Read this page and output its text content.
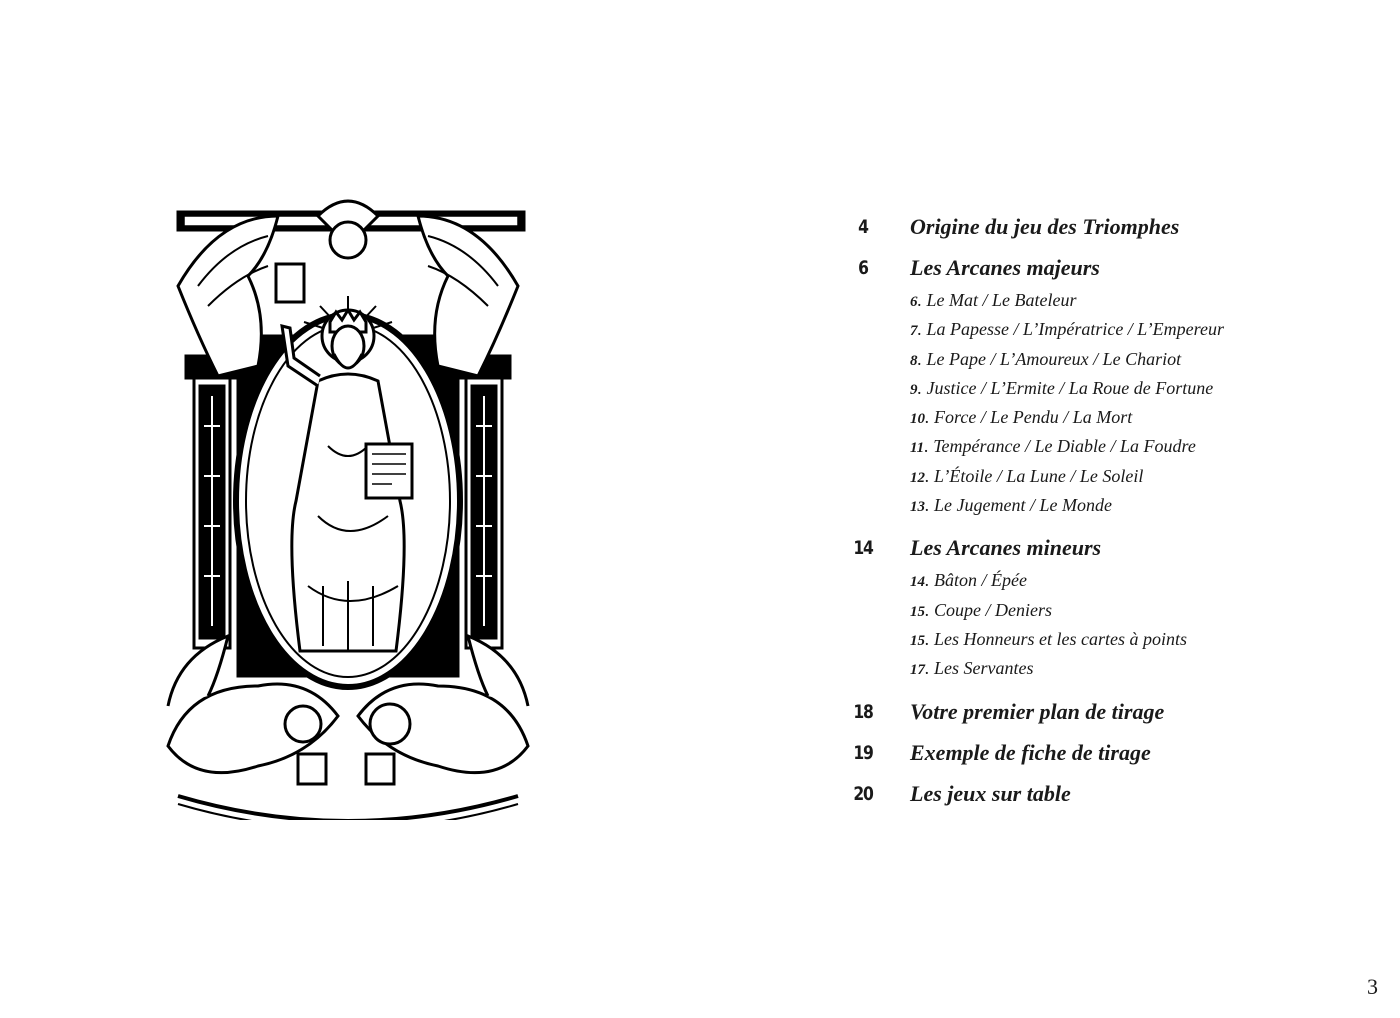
4	Origine du jeu des Triomphes
6	Les Arcanes majeurs
6. Le Mat / Le Bateleur
7. La Papesse / L’Impératrice / L’Empereur
8. Le Pape / L’Amoureux / Le Chariot
9. Justice / L’Ermite / La Roue de Fortune
10. Force / Le Pendu / La Mort
11. Tempérance / Le Diable / La Foudre
12. L’Étoile / La Lune / Le Soleil
13. Le Jugement / Le Monde
14 Les Arcanes mineurs
14. Bâton / Épée
15. Coupe / Deniers
15. Les Honneurs et les cartes à points
17. Les Servantes
18 Votre premier plan de tirage
19 Exemple de fiche de tirage
20 Les jeux sur table
3
